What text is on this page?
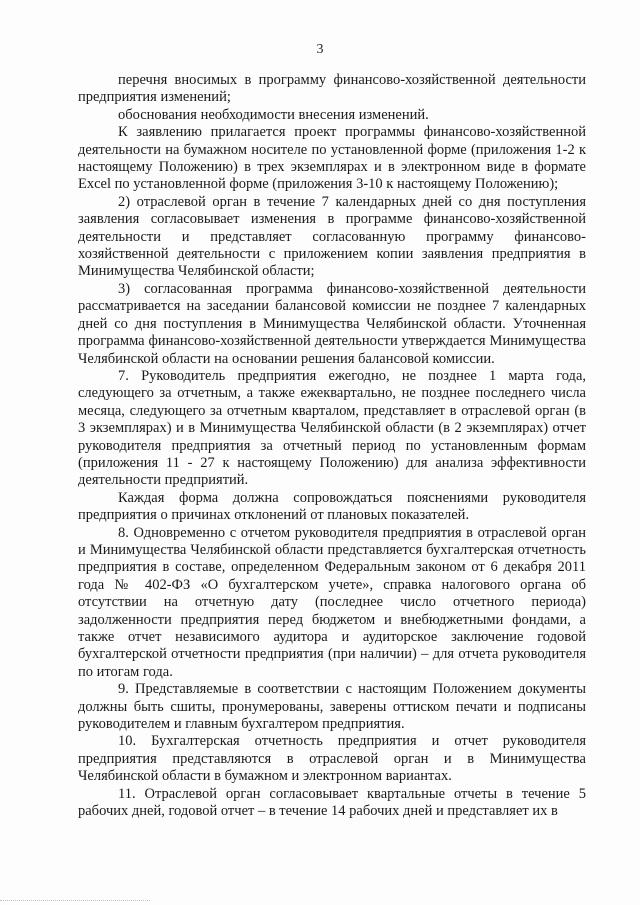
3

перечня вносимых в программу финансово-хозяйственной деятельности предприятия изменений;

обоснования необходимости внесения изменений.

К заявлению прилагается проект программы финансово-хозяйственной деятельности на бумажном носителе по установленной форме (приложения 1-2 к настоящему Положению) в трех экземплярах и в электронном виде в формате Excel по установленной форме (приложения 3-10 к настоящему Положению);

2) отраслевой орган в течение 7 календарных дней со дня поступления заявления согласовывает изменения в программе финансово-хозяйственной деятельности и представляет согласованную программу финансово-хозяйственной деятельности с приложением копии заявления предприятия в Минимущества Челябинской области;

3) согласованная программа финансово-хозяйственной деятельности рассматривается на заседании балансовой комиссии не позднее 7 календарных дней со дня поступления в Минимущества Челябинской области. Уточненная программа финансово-хозяйственной деятельности утверждается Минимущества Челябинской области на основании решения балансовой комиссии.

7. Руководитель предприятия ежегодно, не позднее 1 марта года, следующего за отчетным, а также ежеквартально, не позднее последнего числа месяца, следующего за отчетным кварталом, представляет в отраслевой орган (в 3 экземплярах) и в Минимущества Челябинской области (в 2 экземплярах) отчет руководителя предприятия за отчетный период по установленным формам (приложения 11 - 27 к настоящему Положению) для анализа эффективности деятельности предприятий.

Каждая форма должна сопровождаться пояснениями руководителя предприятия о причинах отклонений от плановых показателей.

8. Одновременно с отчетом руководителя предприятия в отраслевой орган и Минимущества Челябинской области представляется бухгалтерская отчетность предприятия в составе, определенном Федеральным законом от 6 декабря 2011 года № 402-ФЗ «О бухгалтерском учете», справка налогового органа об отсутствии на отчетную дату (последнее число отчетного периода) задолженности предприятия перед бюджетом и внебюджетными фондами, а также отчет независимого аудитора и аудиторское заключение годовой бухгалтерской отчетности предприятия (при наличии) – для отчета руководителя по итогам года.

9. Представляемые в соответствии с настоящим Положением документы должны быть сшиты, пронумерованы, заверены оттиском печати и подписаны руководителем и главным бухгалтером предприятия.

10. Бухгалтерская отчетность предприятия и отчет руководителя предприятия представляются в отраслевой орган и в Минимущества Челябинской области в бумажном и электронном вариантах.

11. Отраслевой орган согласовывает квартальные отчеты в течение 5 рабочих дней, годовой отчет – в течение 14 рабочих дней и представляет их в
